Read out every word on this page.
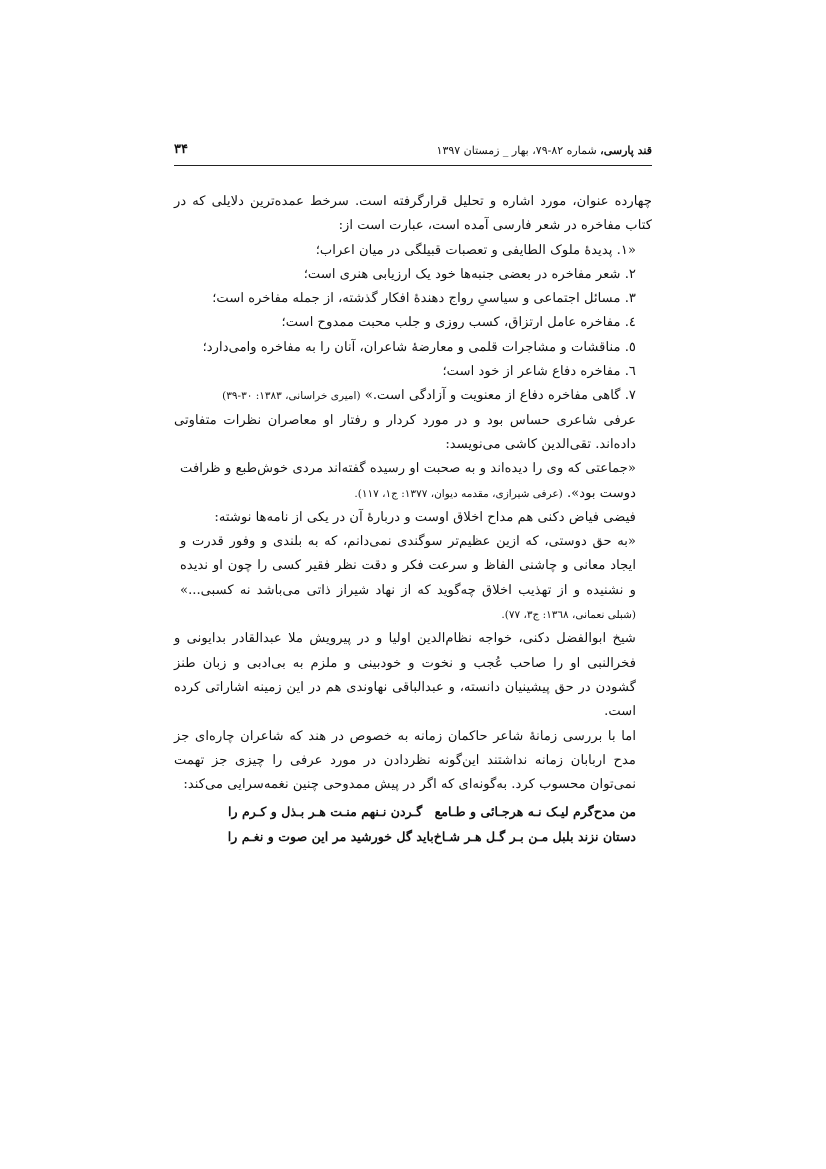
قند پارسی، شماره ۸۲-۷۹، بهار _ زمستان ۱۳۹۷
۳۴

چهارده عنوان، مورد اشاره و تحلیل قرارگرفته است. سرخط عمده‌ترین دلایلی که در کتاب مفاخره در شعر فارسی آمده است، عبارت است از:

«۱. پدیدۀ ملوک الطایفی و تعصبات قبیلگی در میان اعراب؛

۲. شعر مفاخره در بعضی جنبه‌ها خود یک ارزیابی هنری است؛

۳. مسائل اجتماعی و سیاسیِ رواج دهندۀ افکار گذشته، از جمله مفاخره است؛

٤. مفاخره عامل ارتزاق، کسب روزی و جلب محبت ممدوح است؛

٥. مناقشات و مشاجرات قلمی و معارضۀ شاعران، آنان را به مفاخره وامی‌دارد؛

٦. مفاخره دفاع شاعر از خود است؛

۷. گاهی مفاخره دفاع از معنویت و آزادگی است.» (امیری خراسانی، ۱۳۸۳: ۳۰-۳۹)

عرفی شاعری حساس بود و در مورد کردار و رفتار او معاصران نظرات متفاوتی داده‌اند. تقی‌الدین کاشی می‌نویسد:

«جماعتی که وی را دیده‌اند و به صحبت او رسیده گفته‌اند مردی خوش‌طبع و ظرافت دوست بود». (عرفی شیرازی، مقدمه دیوان، ۱۳۷۷: ج۱، ۱۱۷).

فیضی فیاض دکنی هم مداح اخلاق اوست و دربارۀ آن در یکی از نامه‌ها نوشته:

«به حق دوستی، که ازین عظیم‌تر سوگندی نمی‌دانم، که به بلندی و وفور قدرت و ایجاد معانی و چاشنی الفاظ و سرعت فکر و دقت نظر فقیر کسی را چون او ندیده و نشنیده و از تهذیب اخلاق چه‌گوید که از نهاد شیراز ذاتی می‌باشد نه کسبی...» (شبلی نعمانی، ۱۳٦۸: ج۳، ۷۷).

شیخ ابوالفضل دکنی، خواجه نظام‌الدین اولیا و در پیرویش ملا عبدالقادر بدایونی و فخرالنبی او را صاحب عُجب و نخوت و خودبینی و ملزم به بی‌ادبی و زبان طنز گشودن در حق پیشینیان دانسته، و عبدالباقی نهاوندی هم در این زمینه اشاراتی کرده است.

اما با بررسی زمانۀ شاعر حاکمان زمانه به خصوص در هند که شاعران چاره‌ای جز مدح اربابان زمانه نداشتند این‌گونه نظردادن در مورد عرفی را چیزی جز تهمت نمی‌توان محسوب کرد. به‌گونه‌ای که اگر در پیش ممدوحی چنین نغمه‌سرایی می‌کند:

من مدح‌گرم لیـک نـه هرجـائی و طـامع
گـردن نـنهم منـت هـر بـذل و کـرم را
دستان نزند بلبل مـن بـر گـل هـر شـاخ
باید گل خورشید مر این صوت و نغـم را
